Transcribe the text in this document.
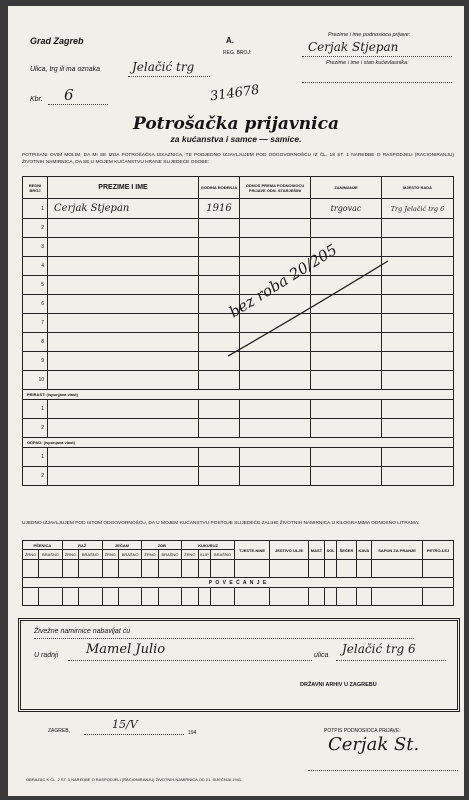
Grad Zagreb	A.
REG. BROJ:
Ulica, trg ili ina oznaka	Jelačić trg
Kbr. 6	314678
Prezime i ime podnosioca prijave:
Cerjak Stjepan
Prezime i ime i stan kućevlasnika:
Potrošačka prijavnica
za kućanstva i samce — samice.
POTPISANI OVIM MOLIM, DA MI SE IZDA POTROŠAČKA ISKAZNICA, TE PODJEDNO IZJAVLJUJEM POD ODGOVORNOŠĆU IZ ČL. 18 ST. 1 NAREDBE O RASPODJELI (RACIONIRANJU) ŽIVOTNIH NAMIRNICA, DA SE U MOJEM KUĆANSTVU HRANE SLIJEDEĆE OSOBE:
REDNI BROJ	PREZIME I IME	GODINA ROĐENJA	ODNOS PREMA PODNOSIOCU PRIJAVE ODN. STARJEŠINI	ZANIMANJE	MJESTO RADA
1	Cerjak Stjepan	1916		trgovac	Trg Jelačić trg 6
2					
3					
4					
5					
6					
7					
8					
9					
10					
PRIRAST: (ispunjava vlast)					
1					
2					
ODPAD: (ispunjava vlast)					
1					
2					
bez roba 20/205
UJEDNO IZJAVLJUJEM POD ISTOM ODGOVORNOŠĆU, DA U MOJEM KUĆANSTVU POSTOJE SLIJEDEĆE ZALIHE ŽIVOTNIH NAMIRNICA U KILOGRAMIMA ODNOSNO LITRAMA:
PŠENICA		RAŽ		JEČAM		ZOB		KUKURUZ			TJESTE-NINE	JESTIVO ULJE	MAST	SOL	ŠEĆER	KAVA	SAPUN ZA PRANJE	PETRO-LEJ
ŽRNO	BRAŠNO	ŽRNO	BRAŠNO	ŽRNO	BRAŠNO	ŽRNO	BRAŠNO	ŽRNO	KLIP	BRAŠNO								

P O V E Ć A N J E																		

Živežne namirnice nabavljat ću
U radnji Mamel Julio	ulica Jelačić trg 6
DRŽAVNI ARHIV U ZAGREBU
ZAGREB,	15/V
194	POTPIS PODNOSIOCA PRIJAVE:
Cerjak St.
OBRAZAC K ČL. 2 ST. 3 NAREDBE O RASPODJELI (RACIONIRANJU) ŽIVOTNIH NAMIRNICA OD 21. SIJEČNJA 1941.
